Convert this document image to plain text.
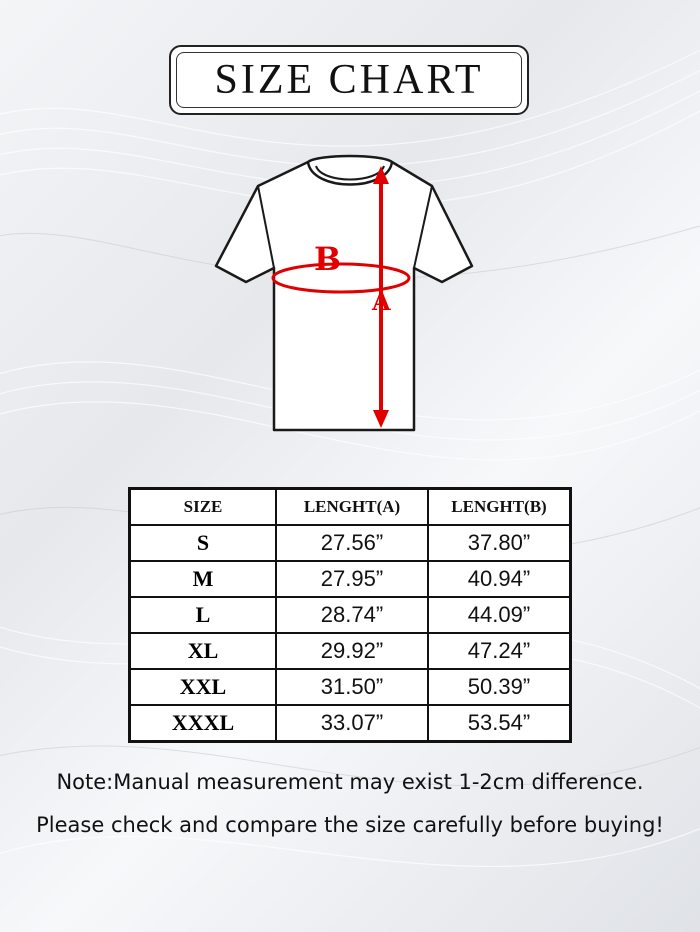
SIZE CHART
B
A
SIZE	LENGHT(A)	LENGHT(B)
S	27.56”	37.80”
M	27.95”	40.94”
L	28.74”	44.09”
XL	29.92”	47.24”
XXL	31.50”	50.39”
XXXL	33.07”	53.54”
Note:Manual measurement may exist 1-2cm difference.
Please check and compare the size carefully before buying!
